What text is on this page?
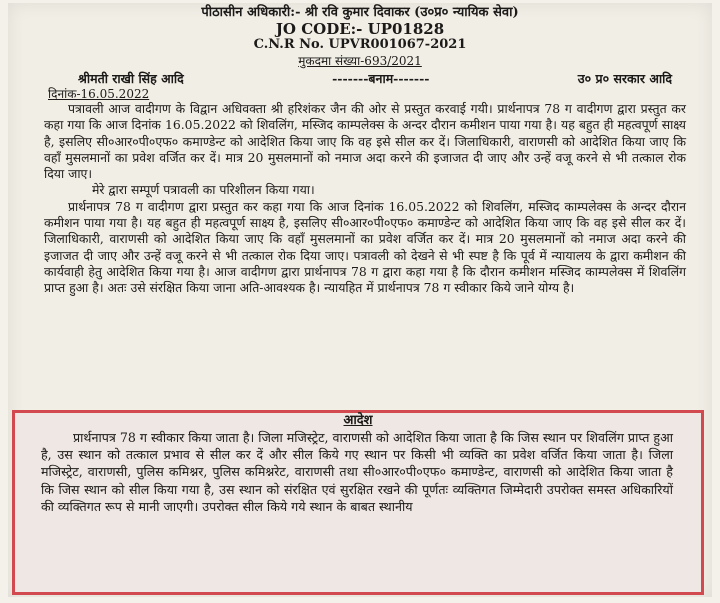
पीठासीन अधिकारी:- श्री रवि कुमार दिवाकर (उ०प्र० न्यायिक सेवा)
JO CODE:- UP01828
C.N.R No. UPVR001067-2021
मुकदमा संख्या-693/2021
श्रीमती राखी सिंह आदि	-------बनाम-------	उ० प्र० सरकार आदि
दिनांक-16.05.2022

पत्रावली आज वादीगण के विद्वान अधिवक्ता श्री हरिशंकर जैन की ओर से प्रस्तुत करवाई गयी। प्रार्थनापत्र 78 ग वादीगण द्वारा प्रस्तुत कर कहा गया कि आज दिनांक 16.05.2022 को शिवलिंग, मस्जिद काम्पलेक्स के अन्दर दौरान कमीशन पाया गया है। यह बहुत ही महत्वपूर्ण साक्ष्य है, इसलिए सी०आर०पी०एफ० कमाण्डेन्ट को आदेशित किया जाए कि वह इसे सील कर दें। जिलाधिकारी, वाराणसी को आदेशित किया जाए कि वहाँ मुसलमानों का प्रवेश वर्जित कर दें। मात्र 20 मुसलमानों को नमाज अदा करने की इजाजत दी जाए और उन्हें वजू करने से भी तत्काल रोक दिया जाए।

मेरे द्वारा सम्पूर्ण पत्रावली का परिशीलन किया गया।

प्रार्थनापत्र 78 ग वादीगण द्वारा प्रस्तुत कर कहा गया कि आज दिनांक 16.05.2022 को शिवलिंग, मस्जिद काम्पलेक्स के अन्दर दौरान कमीशन पाया गया है। यह बहुत ही महत्वपूर्ण साक्ष्य है, इसलिए सी०आर०पी०एफ० कमाण्डेन्ट को आदेशित किया जाए कि वह इसे सील कर दें। जिलाधिकारी, वाराणसी को आदेशित किया जाए कि वहाँ मुसलमानों का प्रवेश वर्जित कर दें। मात्र 20 मुसलमानों को नमाज अदा करने की इजाजत दी जाए और उन्हें वजू करने से भी तत्काल रोक दिया जाए। पत्रावली को देखने से भी स्पष्ट है कि पूर्व में न्यायालय के द्वारा कमीशन की कार्यवाही हेतु आदेशित किया गया है। आज वादीगण द्वारा प्रार्थनापत्र 78 ग द्वारा कहा गया है कि दौरान कमीशन मस्जिद काम्पलेक्स में शिवलिंग प्राप्त हुआ है। अतः उसे संरक्षित किया जाना अति-आवश्यक है। न्यायहित में प्रार्थनापत्र 78 ग स्वीकार किये जाने योग्य है।

आदेश

प्रार्थनापत्र 78 ग स्वीकार किया जाता है। जिला मजिस्ट्रेट, वाराणसी को आदेशित किया जाता है कि जिस स्थान पर शिवलिंग प्राप्त हुआ है, उस स्थान को तत्काल प्रभाव से सील कर दें और सील किये गए स्थान पर किसी भी व्यक्ति का प्रवेश वर्जित किया जाता है। जिला मजिस्ट्रेट, वाराणसी, पुलिस कमिश्नर, पुलिस कमिश्नरेट, वाराणसी तथा सी०आर०पी०एफ० कमाण्डेन्ट, वाराणसी को आदेशित किया जाता है कि जिस स्थान को सील किया गया है, उस स्थान को संरक्षित एवं सुरक्षित रखने की पूर्णतः व्यक्तिगत जिम्मेदारी उपरोक्त समस्त अधिकारियों की व्यक्तिगत रूप से मानी जाएगी। उपरोक्त सील किये गये स्थान के बाबत स्थानीय
